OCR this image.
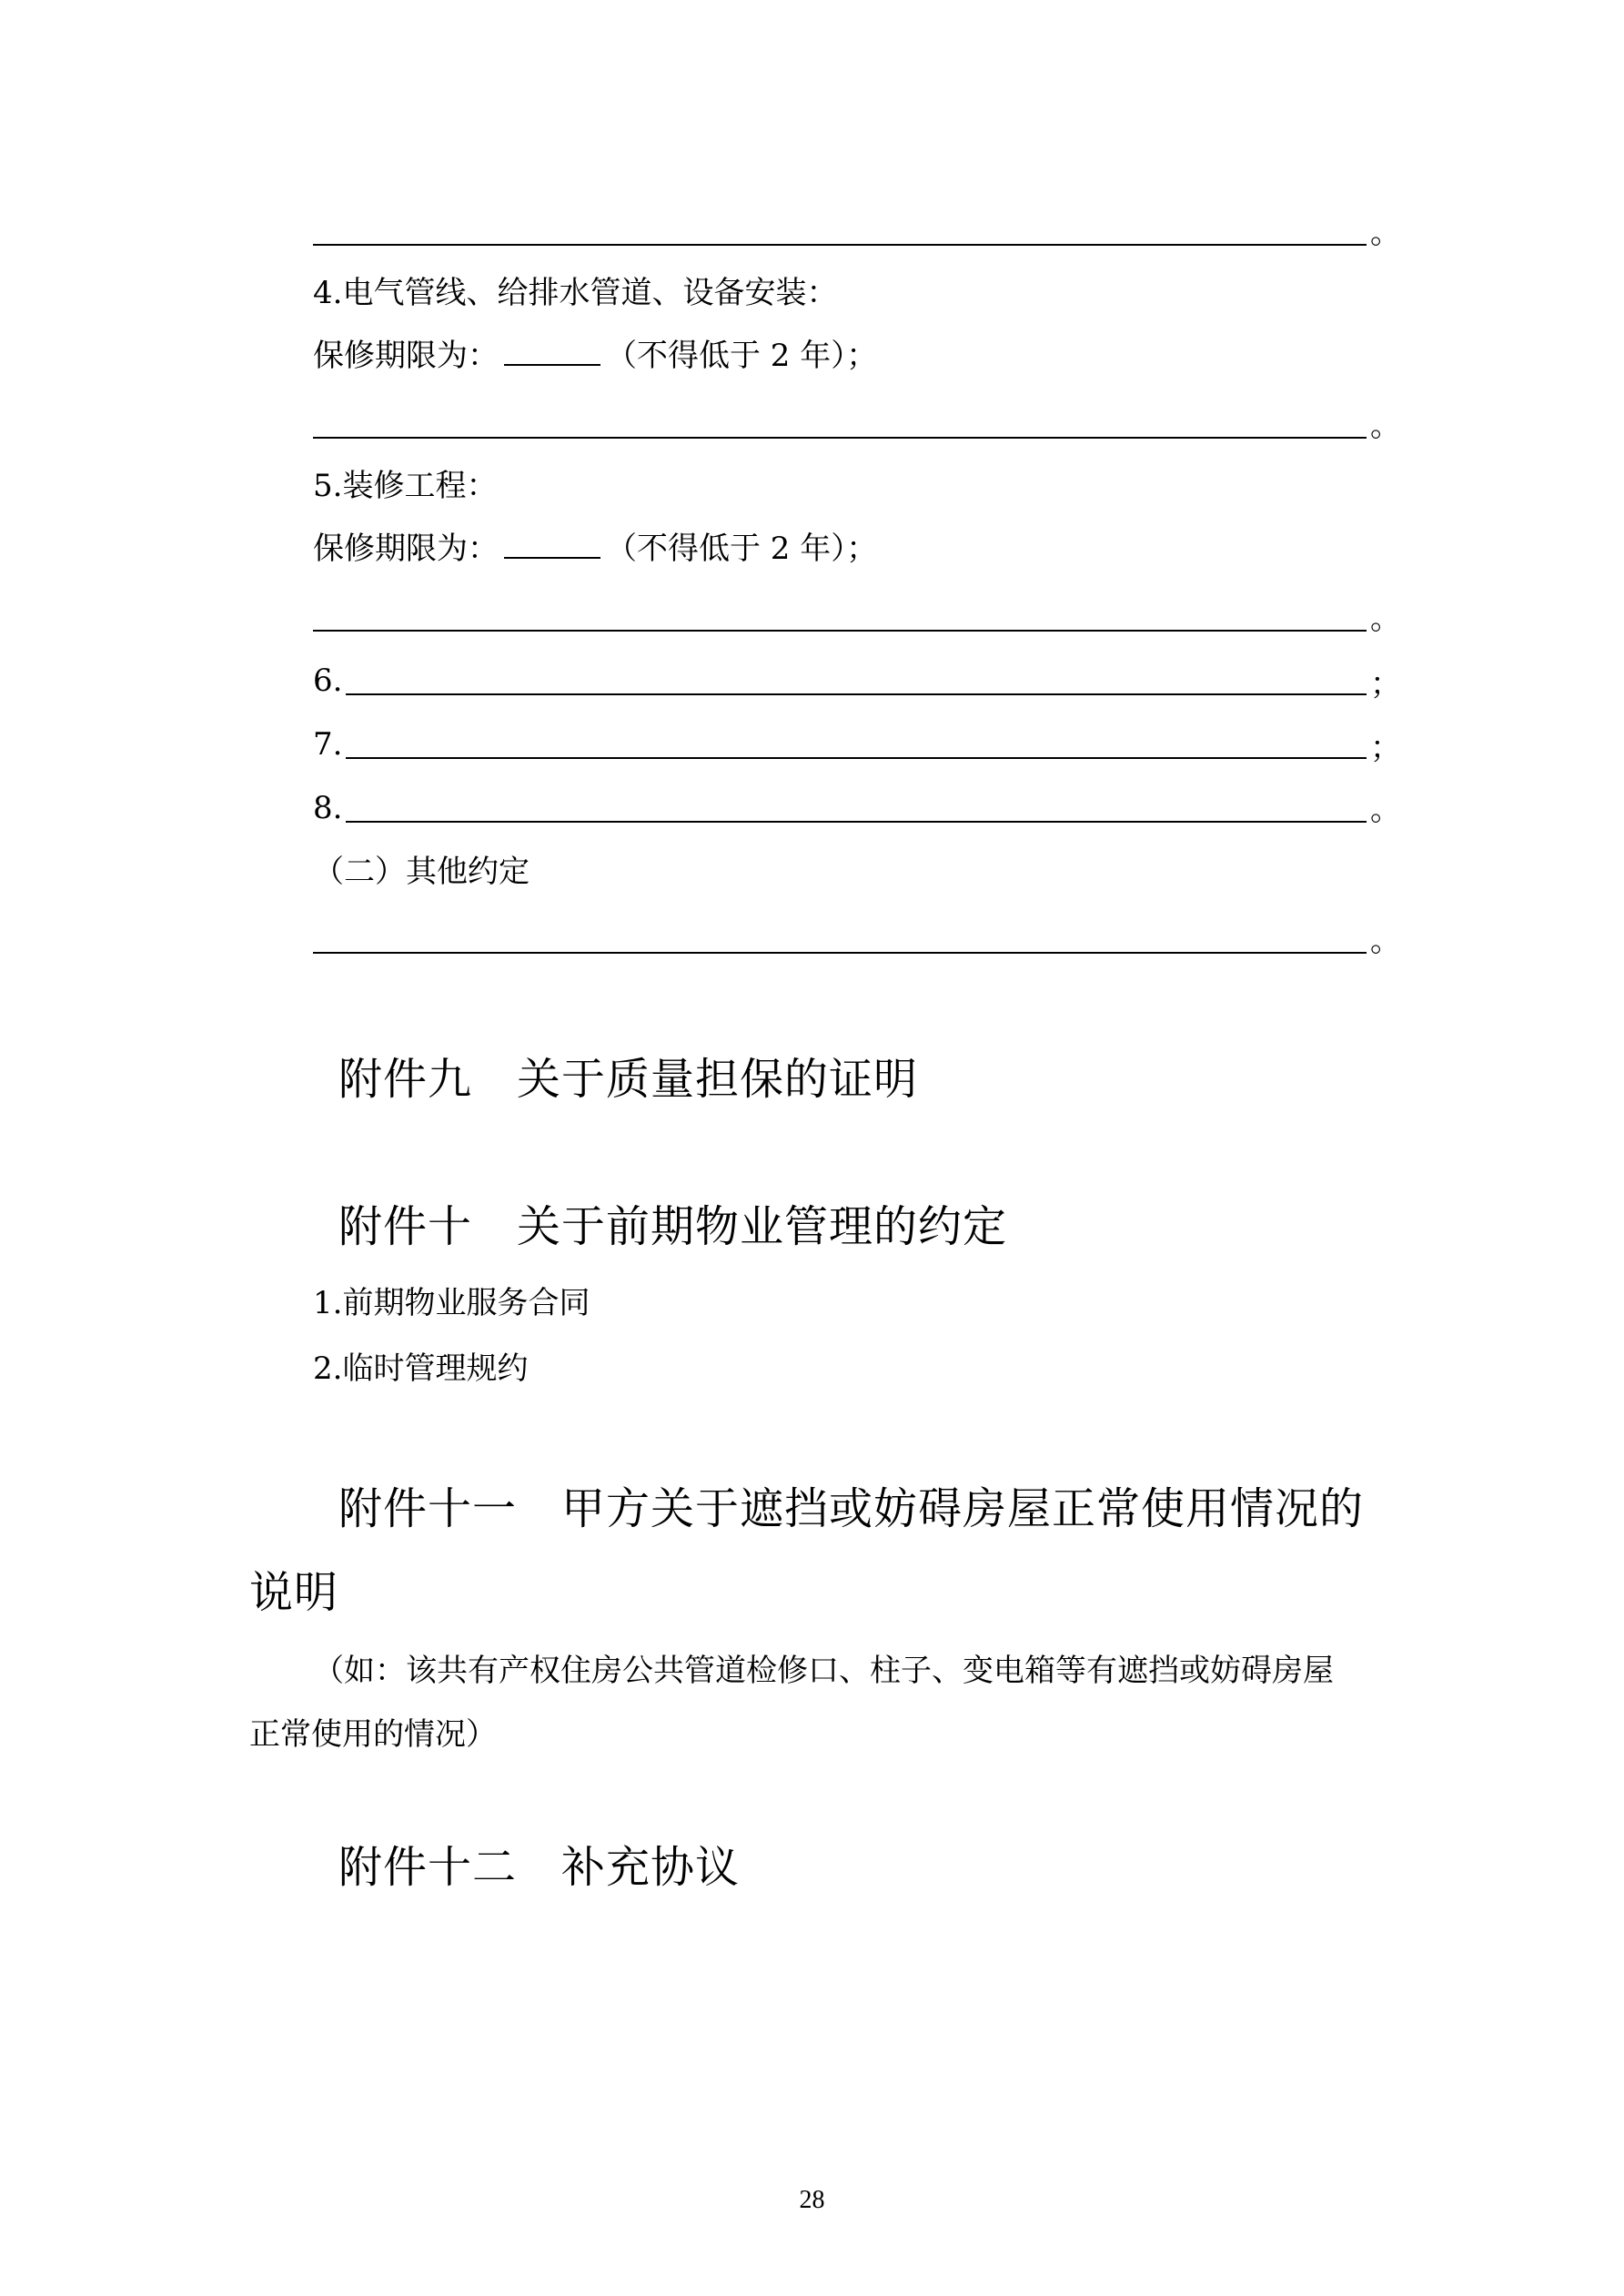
。
4.电气管线、给排水管道、设备安装：
保修期限为：	（不得低于 2 年）；
。
5.装修工程：
保修期限为：	（不得低于 2 年）；
。
6.	；
7.	；
8.	。
（二）其他约定
。
附件九　关于质量担保的证明
附件十　关于前期物业管理的约定
1.前期物业服务合同
2.临时管理规约
附件十一　甲方关于遮挡或妨碍房屋正常使用情况的
说明
（如：该共有产权住房公共管道检修口、柱子、变电箱等有遮挡或妨碍房屋
正常使用的情况）
附件十二　补充协议
28
